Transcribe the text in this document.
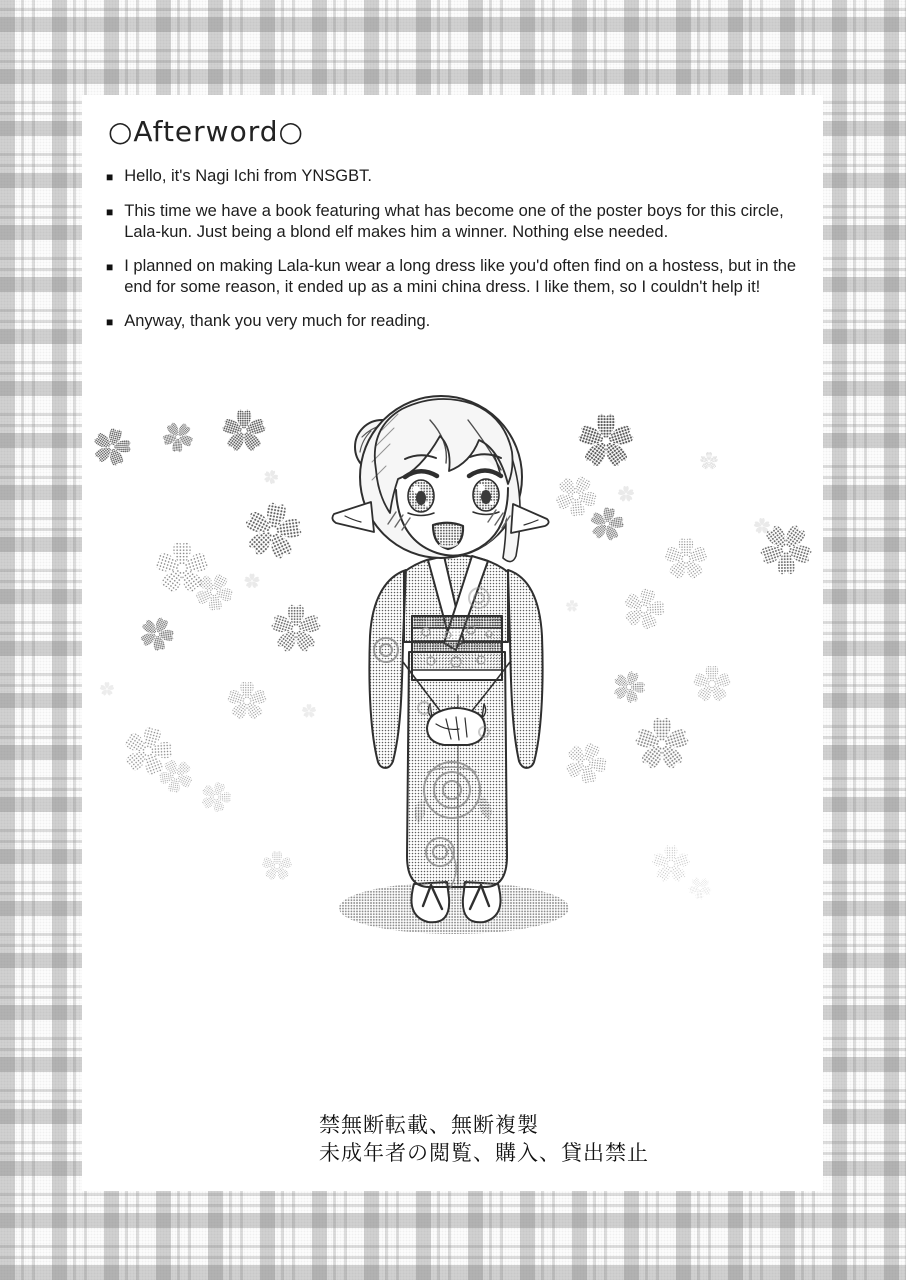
○Afterword○
■ Hello, it's Nagi Ichi from YNSGBT.
■ This time we have a book featuring what has become one of the poster boys for this circle, Lala-kun. Just being a blond elf makes him a winner. Nothing else needed.
■ I planned on making Lala-kun wear a long dress like you'd often find on a hostess, but in the end for some reason, it ended up as a mini china dress. I like them, so I couldn't help it!
■ Anyway, thank you very much for reading.
禁無断転載、無断複製
未成年者の閲覧、購入、貸出禁止
